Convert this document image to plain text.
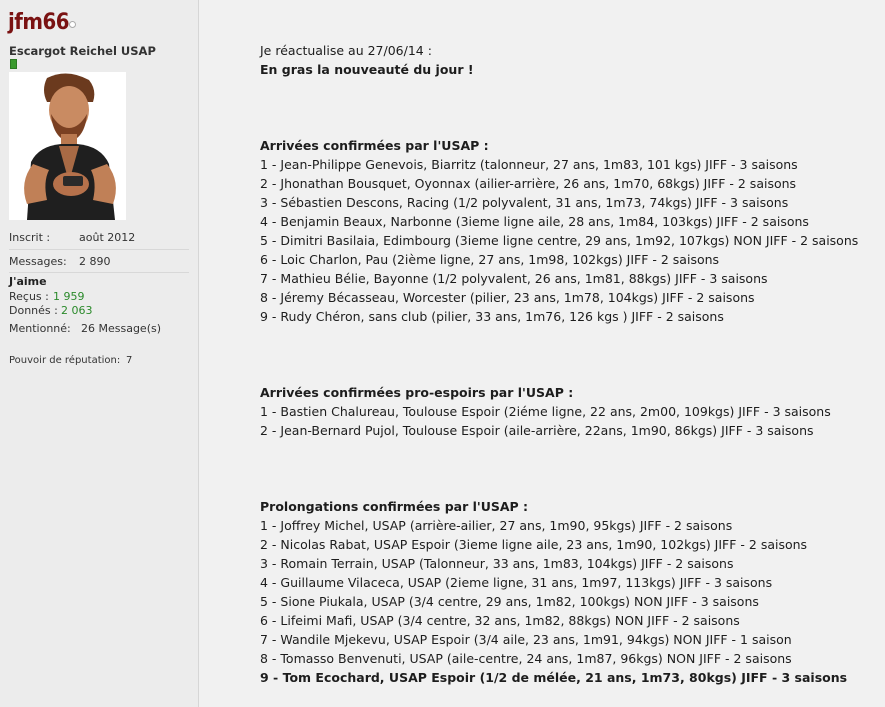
jfm66
Escargot Reichel USAP
Inscrit :	août 2012
Messages: 2 890
J'aime
Reçus : 1 959
Donnés : 2 063
Mentionné: 26 Message(s)
Pouvoir de réputation: 7
Je réactualise au 27/06/14 :
En gras la nouveauté du jour !
Arrivées confirmées par l'USAP :
1 - Jean-Philippe Genevois, Biarritz (talonneur, 27 ans, 1m83, 101 kgs) JIFF - 3 saisons
2 - Jhonathan Bousquet, Oyonnax (ailier-arrière, 26 ans, 1m70, 68kgs) JIFF - 2 saisons
3 - Sébastien Descons, Racing (1/2 polyvalent, 31 ans, 1m73, 74kgs) JIFF - 3 saisons
4 - Benjamin Beaux, Narbonne (3ieme ligne aile, 28 ans, 1m84, 103kgs) JIFF - 2 saisons
5 - Dimitri Basilaia, Edimbourg (3ieme ligne centre, 29 ans, 1m92, 107kgs) NON JIFF - 2 saisons
6 - Loic Charlon, Pau (2ième ligne, 27 ans, 1m98, 102kgs) JIFF - 2 saisons
7 - Mathieu Bélie, Bayonne (1/2 polyvalent, 26 ans, 1m81, 88kgs) JIFF - 3 saisons
8 - Jéremy Bécasseau, Worcester (pilier, 23 ans, 1m78, 104kgs) JIFF - 2 saisons
9 - Rudy Chéron, sans club (pilier, 33 ans, 1m76, 126 kgs ) JIFF - 2 saisons
Arrivées confirmées pro-espoirs par l'USAP :
1 - Bastien Chalureau, Toulouse Espoir (2iéme ligne, 22 ans, 2m00, 109kgs) JIFF - 3 saisons
2 - Jean-Bernard Pujol, Toulouse Espoir (aile-arrière, 22ans, 1m90, 86kgs) JIFF - 3 saisons
Prolongations confirmées par l'USAP :
1 - Joffrey Michel, USAP (arrière-ailier, 27 ans, 1m90, 95kgs) JIFF - 2 saisons
2 - Nicolas Rabat, USAP Espoir (3ieme ligne aile, 23 ans, 1m90, 102kgs) JIFF - 2 saisons
3 - Romain Terrain, USAP (Talonneur, 33 ans, 1m83, 104kgs) JIFF - 2 saisons
4 - Guillaume Vilaceca, USAP (2ieme ligne, 31 ans, 1m97, 113kgs) JIFF - 3 saisons
5 - Sione Piukala, USAP (3/4 centre, 29 ans, 1m82, 100kgs) NON JIFF - 3 saisons
6 - Lifeimi Mafi, USAP (3/4 centre, 32 ans, 1m82, 88kgs) NON JIFF - 2 saisons
7 - Wandile Mjekevu, USAP Espoir (3/4 aile, 23 ans, 1m91, 94kgs) NON JIFF - 1 saison
8 - Tomasso Benvenuti, USAP (aile-centre, 24 ans, 1m87, 96kgs) NON JIFF - 2 saisons
9 - Tom Ecochard, USAP Espoir (1/2 de mélée, 21 ans, 1m73, 80kgs) JIFF - 3 saisons
